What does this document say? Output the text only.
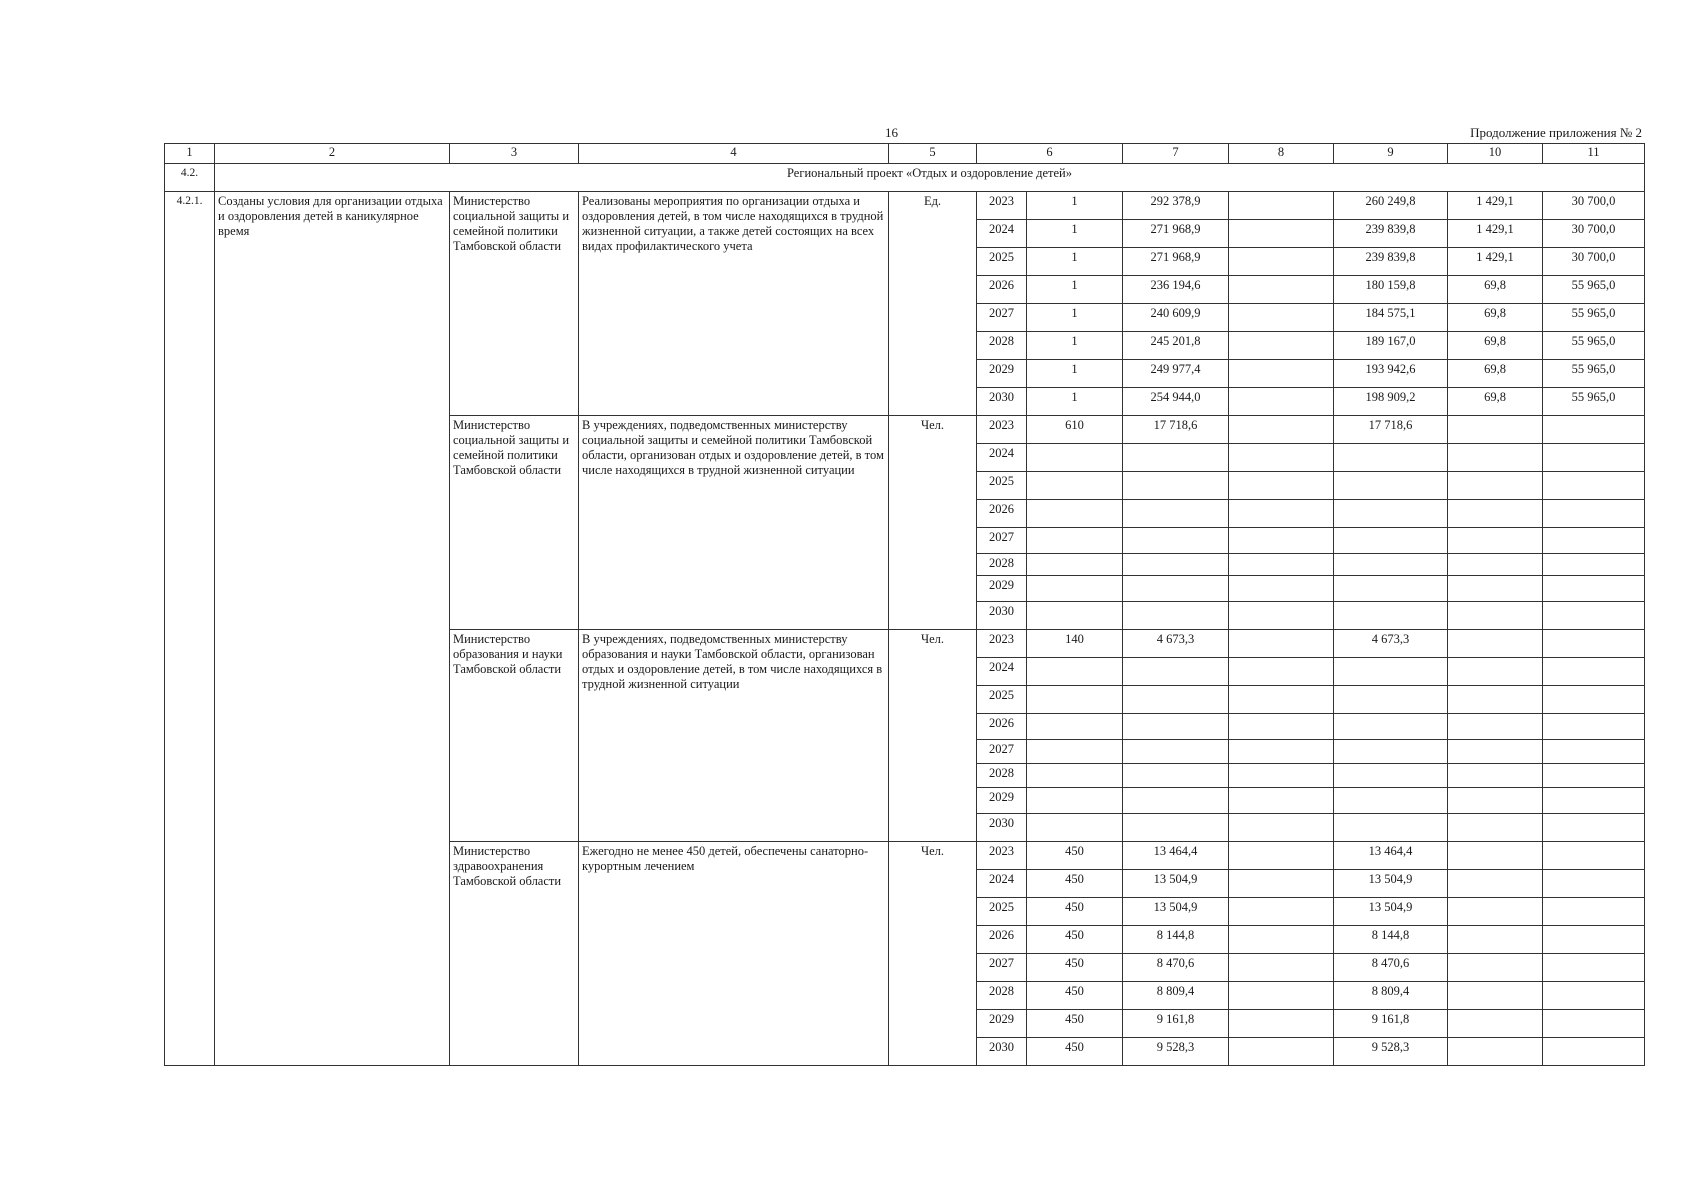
16	Продолжение приложения № 2
1	2	3	4	5	6		7	8	9	10	11
4.2.	Региональный проект «Отдых и оздоровление детей»										
4.2.1.	Созданы условия для организации отдыха и оздоровления детей в каникулярное время	Министерство социальной защиты и семейной политики Тамбовской области	Реализованы мероприятия по организации отдыха и оздоровления детей, в том числе находящихся в трудной жизненной ситуации, а также детей состоящих на всех видах профилактического учета	Ед.	2023	1	292 378,9		260 249,8	1 429,1	30 700,0
					2024	1	271 968,9		239 839,8	1 429,1	30 700,0
					2025	1	271 968,9		239 839,8	1 429,1	30 700,0
					2026	1	236 194,6		180 159,8	69,8	55 965,0
					2027	1	240 609,9		184 575,1	69,8	55 965,0
					2028	1	245 201,8		189 167,0	69,8	55 965,0
					2029	1	249 977,4		193 942,6	69,8	55 965,0
					2030	1	254 944,0		198 909,2	69,8	55 965,0
		Министерство социальной защиты и семейной политики Тамбовской области	В учреждениях, подведомственных министерству социальной защиты и семейной политики Тамбовской области, организован отдых и оздоровление детей, в том числе находящихся в трудной жизненной ситуации	Чел.	2023	610	17 718,6		17 718,6		
					2024						
					2025						
					2026						
					2027						
					2028						
					2029						
					2030						
		Министерство образования и науки Тамбовской области	В учреждениях, подведомственных министерству образования и науки Тамбовской области, организован отдых и оздоровление детей, в том числе находящихся в трудной жизненной ситуации	Чел.	2023	140	4 673,3		4 673,3		
					2024						
					2025						
					2026						
					2027						
					2028						
					2029						
					2030						
		Министерство здравоохранения Тамбовской области	Ежегодно не менее 450 детей, обеспечены санаторно-курортным лечением	Чел.	2023	450	13 464,4		13 464,4		
					2024	450	13 504,9		13 504,9		
					2025	450	13 504,9		13 504,9		
					2026	450	8 144,8		8 144,8		
					2027	450	8 470,6		8 470,6		
					2028	450	8 809,4		8 809,4		
					2029	450	9 161,8		9 161,8		
					2030	450	9 528,3		9 528,3		
